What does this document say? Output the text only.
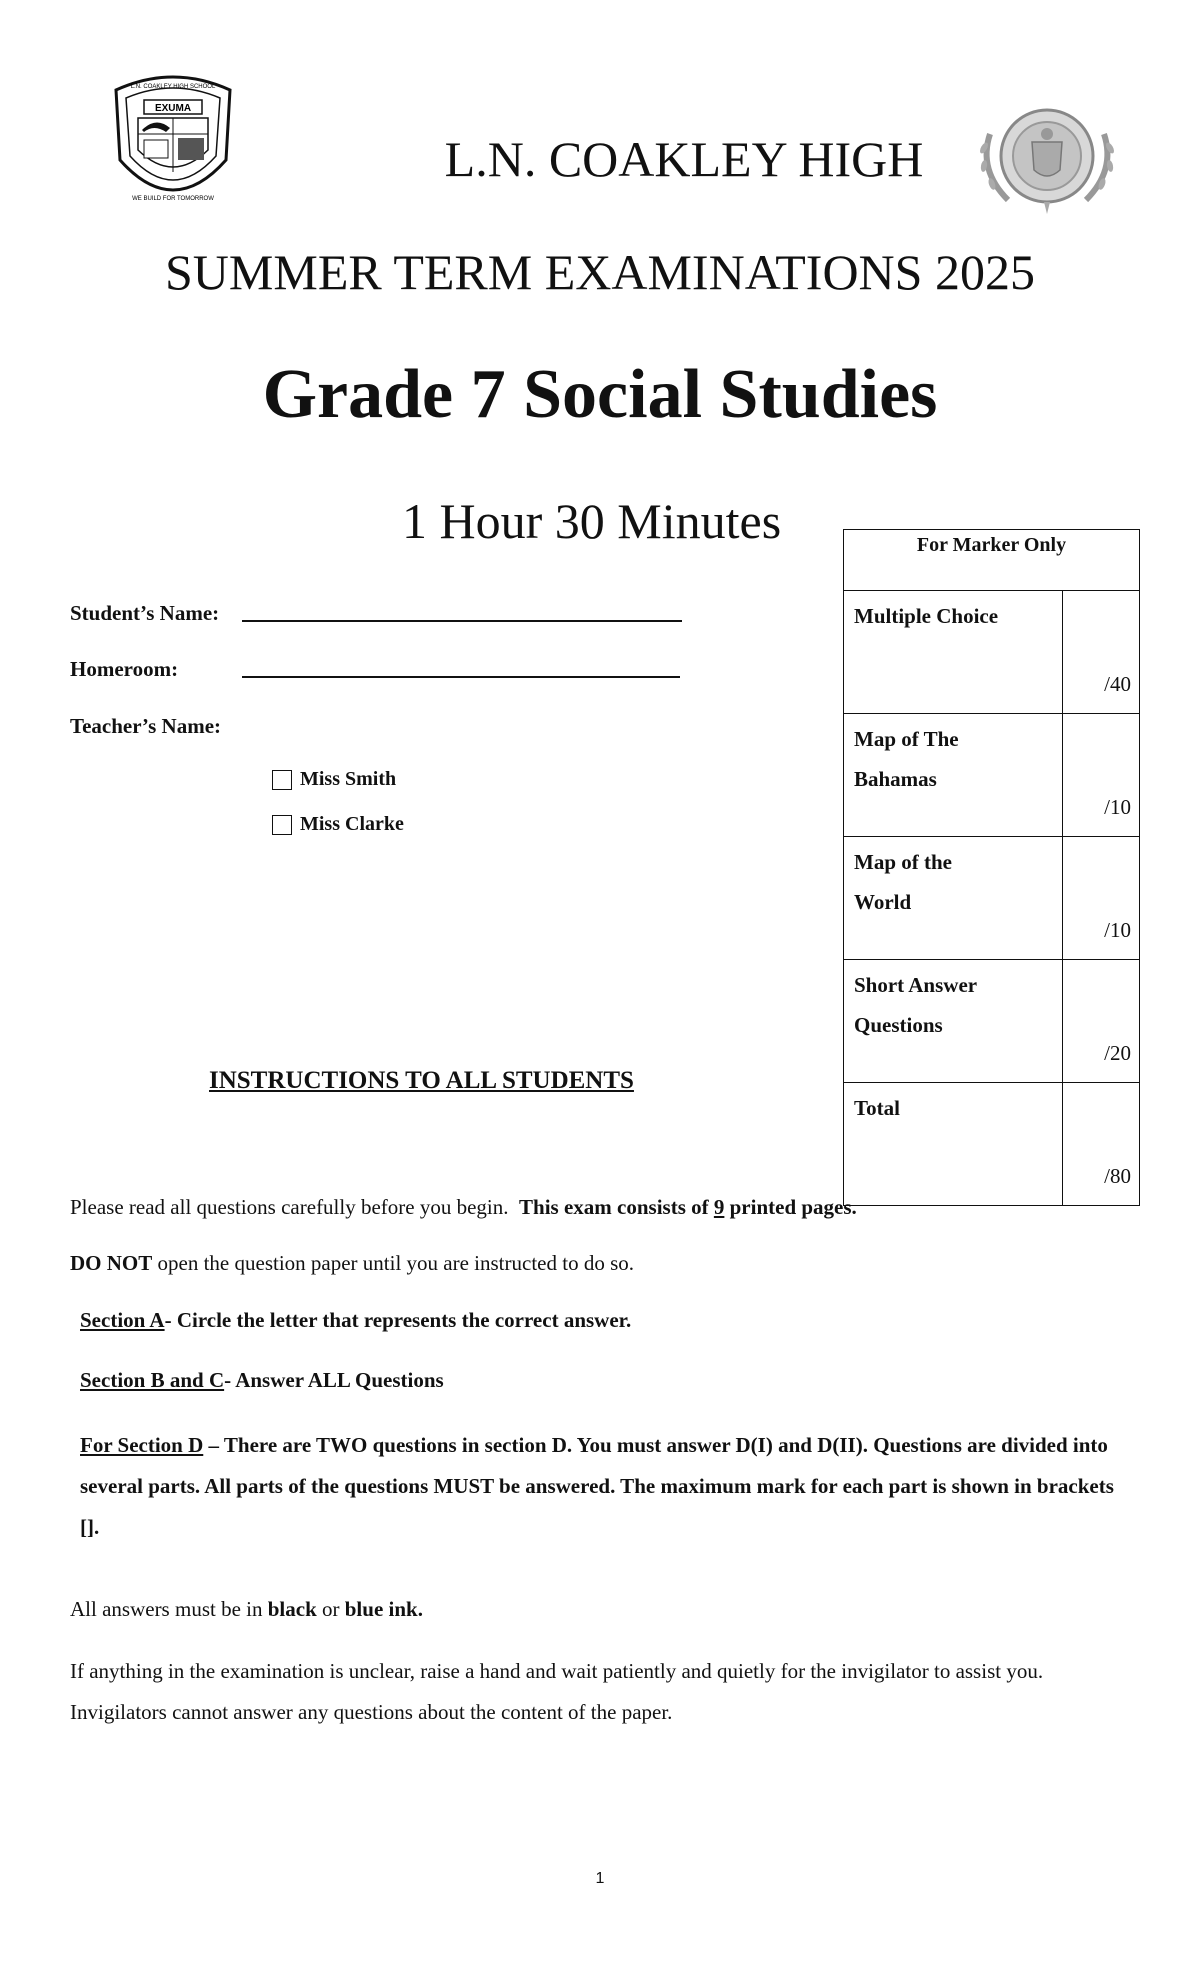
EXUMA
L.N. COAKLEY HIGH SCHOOL
WE BUILD FOR TOMORROW
L.N. COAKLEY HIGH
SUMMER TERM EXAMINATIONS 2025
Grade 7 Social Studies
1 Hour 30 Minutes
Student’s Name:
Homeroom:
Teacher’s Name:
Miss Smith
Miss Clarke
For Marker Only	
Multiple Choice	/40
Map of The Bahamas	/10
Map of the World	/10
Short Answer Questions	/20
Total	/80
INSTRUCTIONS TO ALL STUDENTS
Please read all questions carefully before you begin. This exam consists of 9 printed pages.
DO NOT open the question paper until you are instructed to do so.
Section A- Circle the letter that represents the correct answer.
Section B and C- Answer ALL Questions
For Section D – There are TWO questions in section D. You must answer D(I) and D(II). Questions are divided into several parts. All parts of the questions MUST be answered. The maximum mark for each part is shown in brackets [].
All answers must be in black or blue ink.
If anything in the examination is unclear, raise a hand and wait patiently and quietly for the invigilator to assist you. Invigilators cannot answer any questions about the content of the paper.
1
